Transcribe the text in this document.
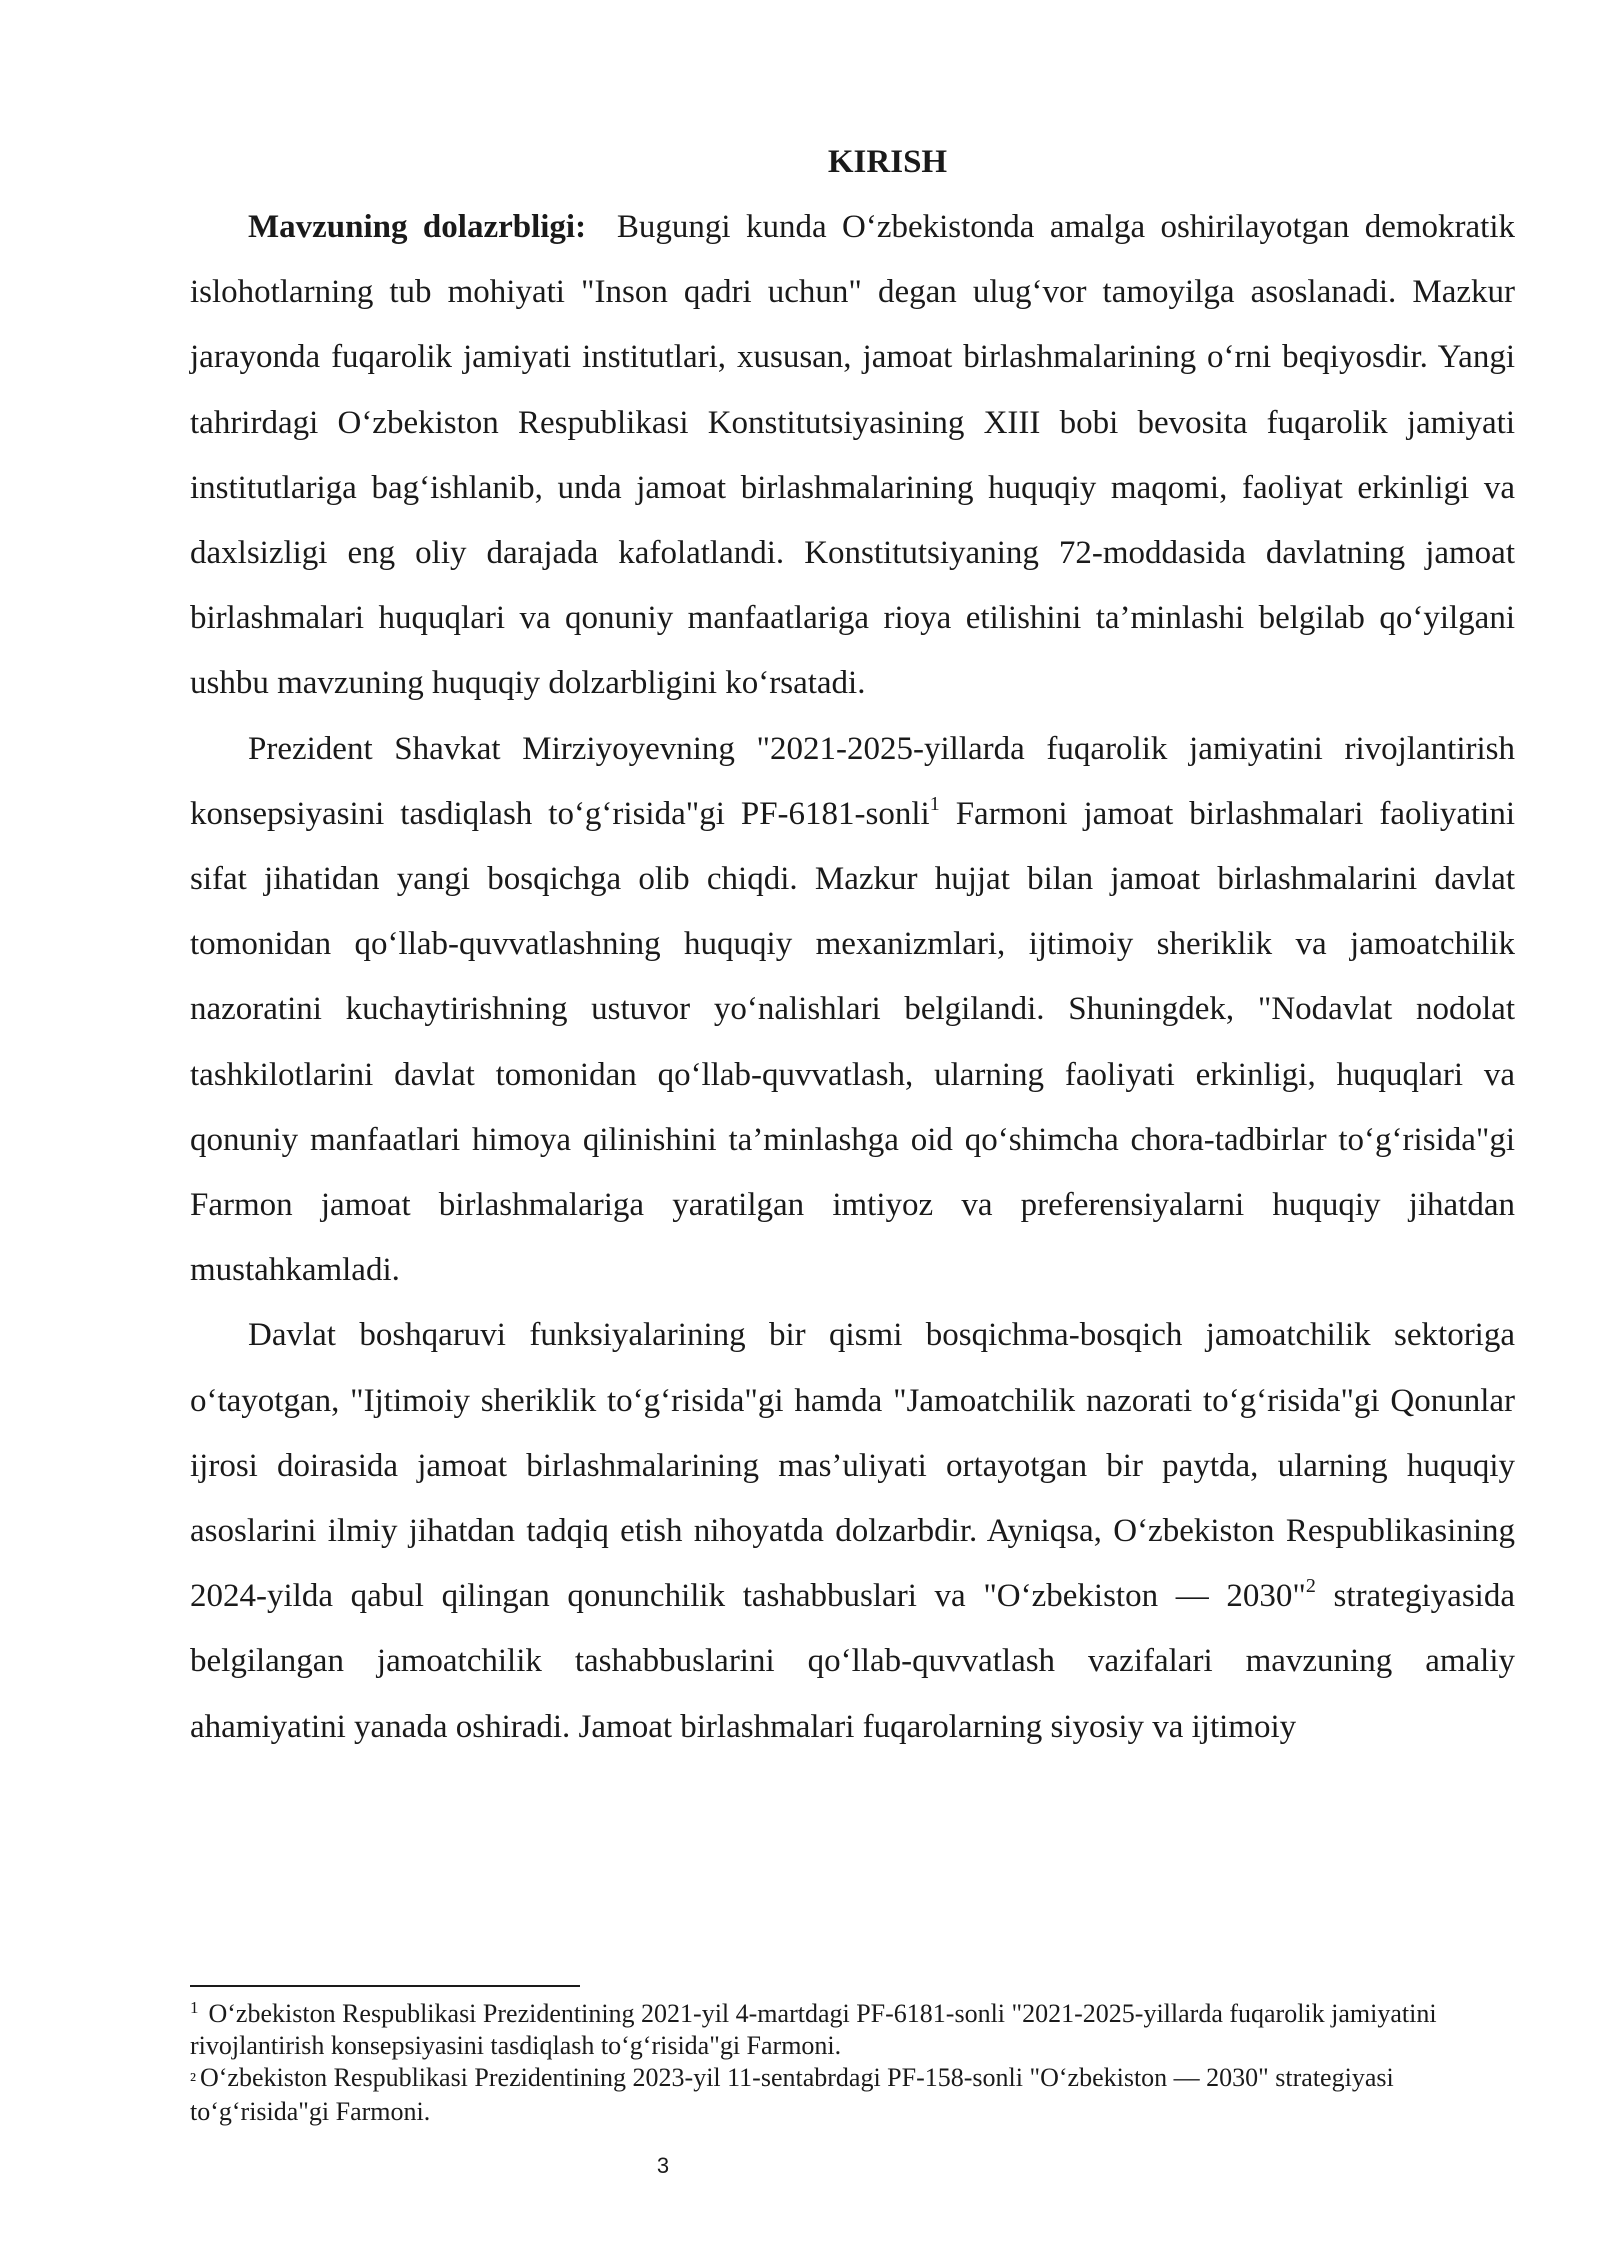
KIRISH

Mavzuning dolazrbligi:  Bugungi kunda O‘zbekistonda amalga oshirilayotgan demokratik islohotlarning tub mohiyati "Inson qadri uchun" degan ulug‘vor tamoyilga asoslanadi. Mazkur jarayonda fuqarolik jamiyati institutlari, xususan, jamoat birlashmalarining o‘rni beqiyosdir. Yangi tahrirdagi O‘zbekiston Respublikasi Konstitutsiyasining XIII bobi bevosita fuqarolik jamiyati institutlariga bag‘ishlanib, unda jamoat birlashmalarining huquqiy maqomi, faoliyat erkinligi va daxlsizligi eng oliy darajada kafolatlandi. Konstitutsiyaning 72-moddasida davlatning jamoat birlashmalari huquqlari va qonuniy manfaatlariga rioya etilishini ta’minlashi belgilab qo‘yilgani ushbu mavzuning huquqiy dolzarbligini ko‘rsatadi.

Prezident Shavkat Mirziyoyevning "2021-2025-yillarda fuqarolik jamiyatini rivojlantirish konsepsiyasini tasdiqlash to‘g‘risida"gi PF-6181-sonli$^1$ Farmoni jamoat birlashmalari faoliyatini sifat jihatidan yangi bosqichga olib chiqdi. Mazkur hujjat bilan jamoat birlashmalarini davlat tomonidan qo‘llab-quvvatlashning huquqiy mexanizmlari, ijtimoiy sheriklik va jamoatchilik nazoratini kuchaytirishning ustuvor yo‘nalishlari belgilandi. Shuningdek, "Nodavlat nodolat tashkilotlarini davlat tomonidan qo‘llab-quvvatlash, ularning faoliyati erkinligi, huquqlari va qonuniy manfaatlari himoya qilinishini ta’minlashga oid qo‘shimcha chora-tadbirlar to‘g‘risida"gi Farmon jamoat birlashmalariga yaratilgan imtiyoz va preferensiyalarni huquqiy jihatdan mustahkamladi.

Davlat boshqaruvi funksiyalarining bir qismi bosqichma-bosqich jamoatchilik sektoriga o‘tayotgan, "Ijtimoiy sheriklik to‘g‘risida"gi hamda "Jamoatchilik nazorati to‘g‘risida"gi Qonunlar ijrosi doirasida jamoat birlashmalarining mas’uliyati ortayotgan bir paytda, ularning huquqiy asoslarini ilmiy jihatdan tadqiq etish nihoyatda dolzarbdir. Ayniqsa, O‘zbekiston Respublikasining 2024-yilda qabul qilingan qonunchilik tashabbuslari va "O‘zbekiston — 2030"$^2$ strategiyasida belgilangan jamoatchilik tashabbuslarini qo‘llab-quvvatlash vazifalari mavzuning amaliy ahamiyatini yanada oshiradi. Jamoat birlashmalari fuqarolarning siyosiy va ijtimoiy

$^1$ O‘zbekiston Respublikasi Prezidentining 2021-yil 4-martdagi PF-6181-sonli "2021-2025-yillarda fuqarolik jamiyatini rivojlantirish konsepsiyasini tasdiqlash to‘g‘risida"gi Farmoni.

² O‘zbekiston Respublikasi Prezidentining 2023-yil 11-sentabrdagi PF-158-sonli "O‘zbekiston — 2030" strategiyasi to‘g‘risida"gi Farmoni.

3
